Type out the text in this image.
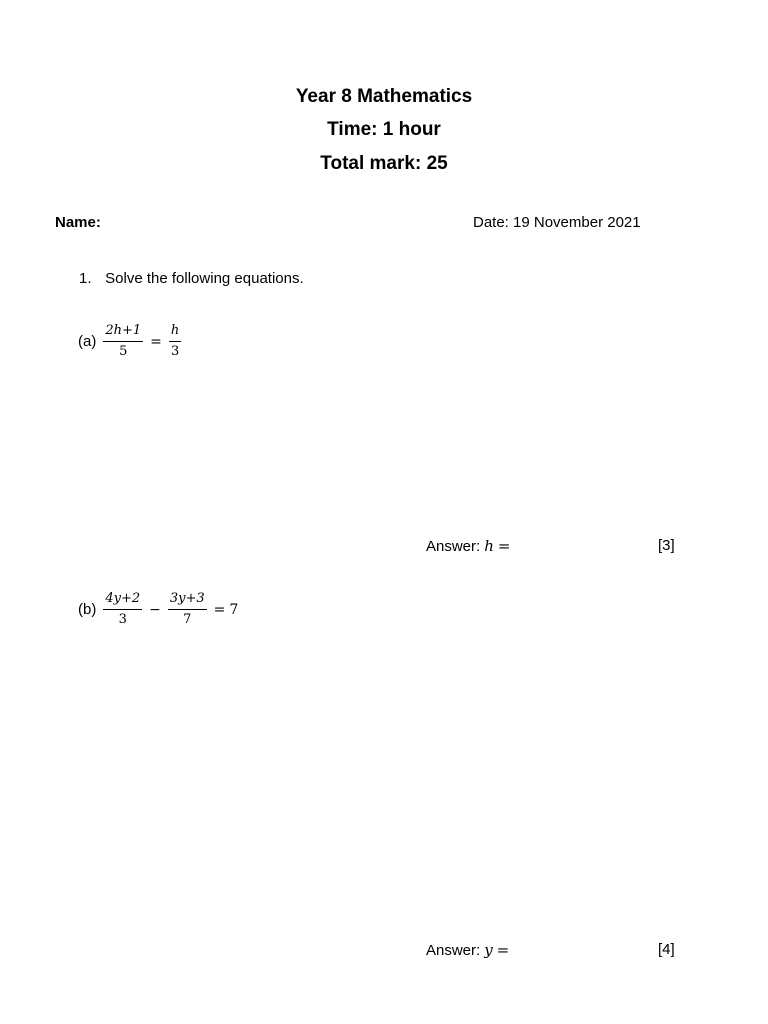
Year 8 Mathematics
Time: 1 hour
Total mark: 25
Name:	Date: 19 November 2021
1. Solve the following equations.
$(a) \frac{2h+1}{5} = \frac{h}{3}$
Answer: h =	[3]
$(b) \frac{4y+2}{3} - \frac{3y+3}{7} = 7$
Answer: y =	[4]
